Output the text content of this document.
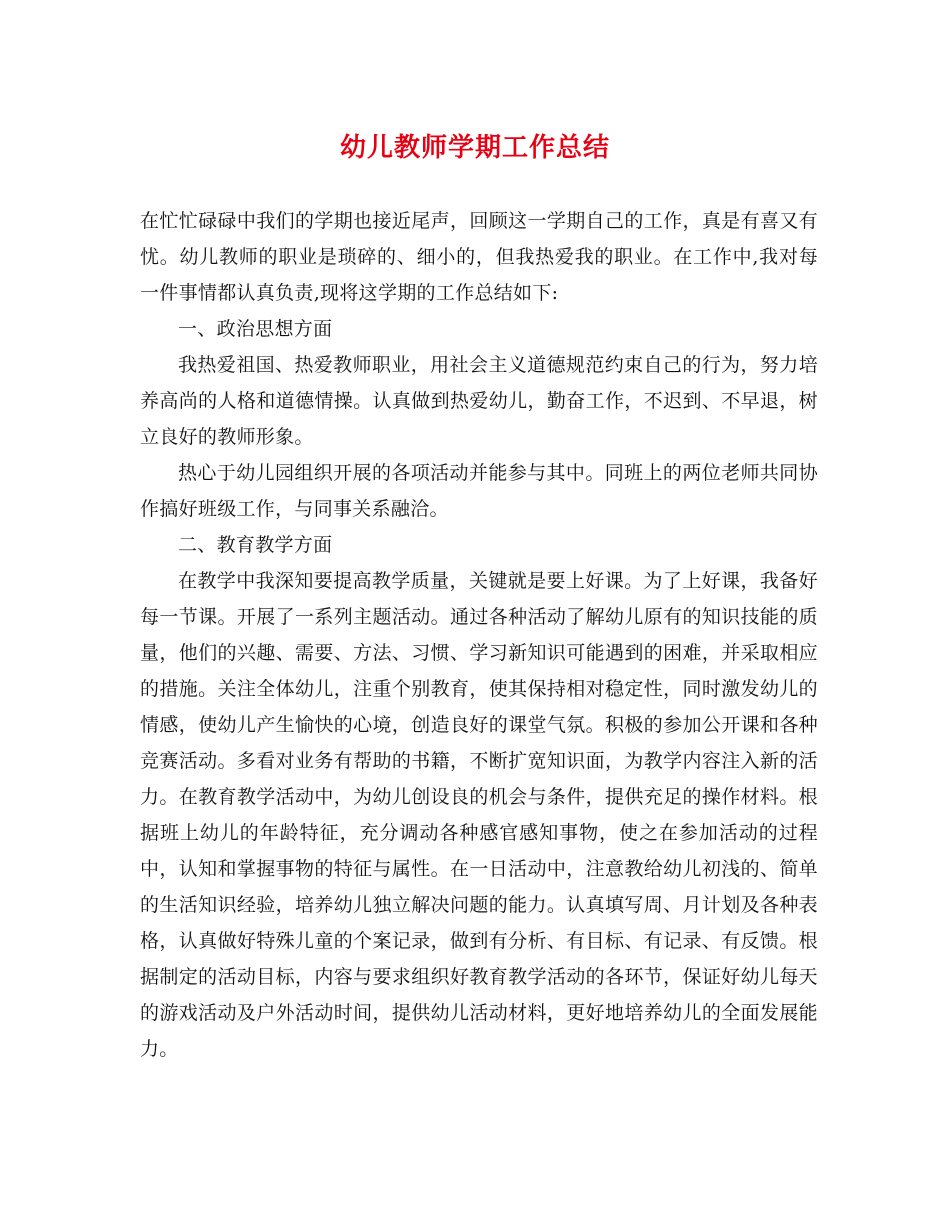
幼儿教师学期工作总结

在忙忙碌碌中我们的学期也接近尾声，回顾这一学期自己的工作，真是有喜又有忧。幼儿教师的职业是琐碎的、细小的，但我热爱我的职业。在工作中,我对每一件事情都认真负责,现将这学期的工作总结如下:

一、政治思想方面

我热爱祖国、热爱教师职业，用社会主义道德规范约束自己的行为，努力培养高尚的人格和道德情操。认真做到热爱幼儿，勤奋工作，不迟到、不早退，树立良好的教师形象。

热心于幼儿园组织开展的各项活动并能参与其中。同班上的两位老师共同协作搞好班级工作，与同事关系融洽。

二、教育教学方面

在教学中我深知要提高教学质量，关键就是要上好课。为了上好课，我备好每一节课。开展了一系列主题活动。通过各种活动了解幼儿原有的知识技能的质量，他们的兴趣、需要、方法、习惯、学习新知识可能遇到的困难，并采取相应的措施。关注全体幼儿，注重个别教育，使其保持相对稳定性，同时激发幼儿的情感，使幼儿产生愉快的心境，创造良好的课堂气氛。积极的参加公开课和各种竞赛活动。多看对业务有帮助的书籍，不断扩宽知识面，为教学内容注入新的活力。在教育教学活动中，为幼儿创设良的机会与条件，提供充足的操作材料。根据班上幼儿的年龄特征，充分调动各种感官感知事物，使之在参加活动的过程中，认知和掌握事物的特征与属性。在一日活动中，注意教给幼儿初浅的、简单的生活知识经验，培养幼儿独立解决问题的能力。认真填写周、月计划及各种表格，认真做好特殊儿童的个案记录，做到有分析、有目标、有记录、有反馈。根据制定的活动目标，内容与要求组织好教育教学活动的各环节，保证好幼儿每天的游戏活动及户外活动时间，提供幼儿活动材料，更好地培养幼儿的全面发展能力。
